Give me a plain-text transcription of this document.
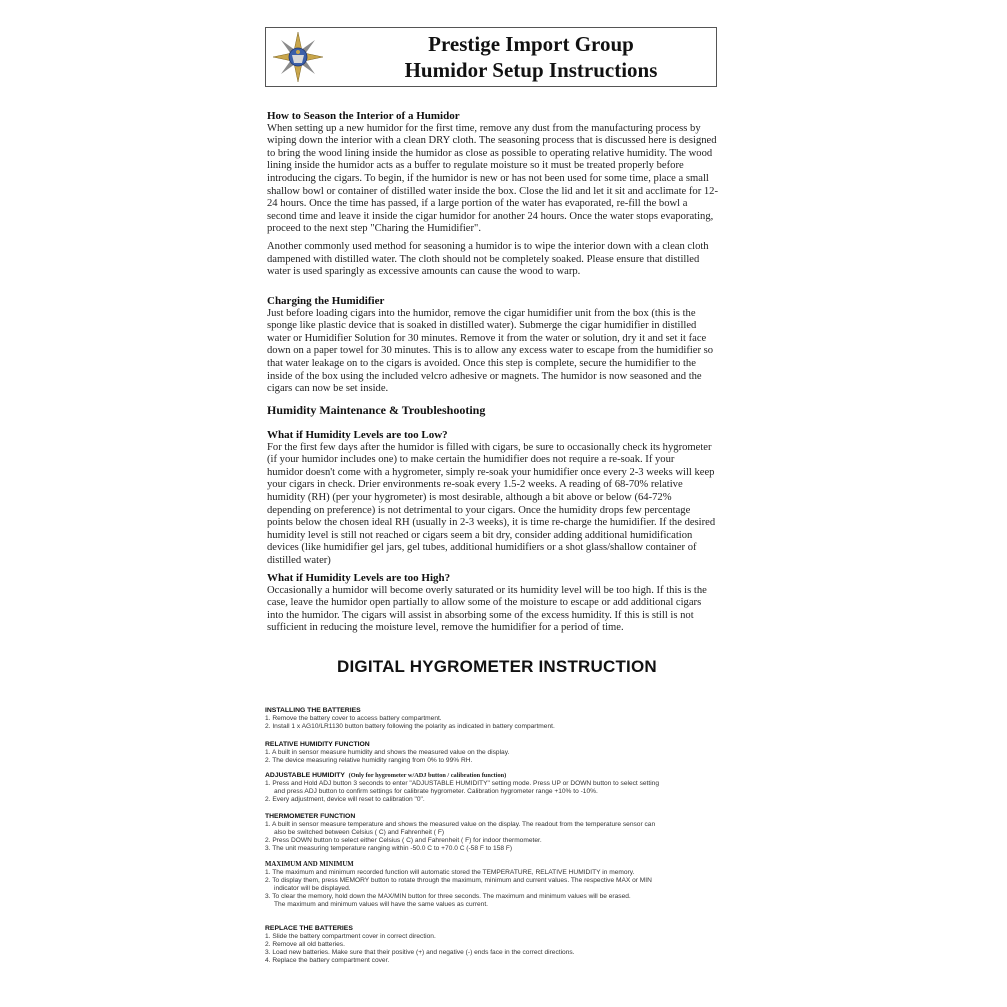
Prestige Import Group
Humidor Setup Instructions

How to Season the Interior of a Humidor

When setting up a new humidor for the first time, remove any dust from the manufacturing process by

wiping down the interior with a clean DRY cloth. The seasoning process that is discussed here is designed

to bring the wood lining inside the humidor as close as possible to operating relative humidity. The wood

lining inside the humidor acts as a buffer to regulate moisture so it must be treated properly before

introducing the cigars. To begin, if the humidor is new or has not been used for some time, place a small

shallow bowl or container of distilled water inside the box. Close the lid and let it sit and acclimate for 12-

24 hours. Once the time has passed, if a large portion of the water has evaporated, re-fill the bowl a

second time and leave it inside the cigar humidor for another 24 hours. Once the water stops evaporating,

proceed to the next step "Charing the Humidifier".

Another commonly used method for seasoning a humidor is to wipe the interior down with a clean cloth

dampened with distilled water. The cloth should not be completely soaked. Please ensure that distilled

water is used sparingly as excessive amounts can cause the wood to warp.

Charging the Humidifier

Just before loading cigars into the humidor, remove the cigar humidifier unit from the box (this is the

sponge like plastic device that is soaked in distilled water). Submerge the cigar humidifier in distilled

water or Humidifier Solution for 30 minutes. Remove it from the water or solution, dry it and set it face

down on a paper towel for 30 minutes. This is to allow any excess water to escape from the humidifier so

that water leakage on to the cigars is avoided. Once this step is complete, secure the humidifier to the

inside of the box using the included velcro adhesive or magnets. The humidor is now seasoned and the

cigars can now be set inside.

Humidity Maintenance & Troubleshooting

What if Humidity Levels are too Low?

For the first few days after the humidor is filled with cigars, be sure to occasionally check its hygrometer

(if your humidor includes one) to make certain the humidifier does not require a re-soak. If your

humidor doesn't come with a hygrometer, simply re-soak your humidifier once every 2-3 weeks will keep

your cigars in check. Drier environments re-soak every 1.5-2 weeks. A reading of 68-70% relative

humidity (RH) (per your hygrometer) is most desirable, although a bit above or below (64-72%

depending on preference) is not detrimental to your cigars. Once the humidity drops few percentage

points below the chosen ideal RH (usually in 2-3 weeks), it is time re-charge the humidifier. If the desired

humidity level is still not reached or cigars seem a bit dry, consider adding additional humidification

devices (like humidifier gel jars, gel tubes, additional humidifiers or a shot glass/shallow container of

distilled water)

What if Humidity Levels are too High?

Occasionally a humidor will become overly saturated or its humidity level will be too high. If this is the

case, leave the humidor open partially to allow some of the moisture to escape or add additional cigars

into the humidor. The cigars will assist in absorbing some of the excess humidity. If this is still is not

sufficient in reducing the moisture level, remove the humidifier for a period of time.

DIGITAL HYGROMETER INSTRUCTION
INSTALLING THE BATTERIES
1. Remove the battery cover to access battery compartment.
2. Install 1 x AG10/LR1130 button battery following the polarity as indicated in battery compartment.
RELATIVE HUMIDITY FUNCTION
1. A built in sensor measure humidity and shows the measured value on the display.
2. The device measuring relative humidity ranging from 0% to 99% RH.
ADJUSTABLE HUMIDITY (Only for hygrometer w/ADJ button / calibration function)
1. Press and Hold ADJ button 3 seconds to enter "ADJUSTABLE HUMIDITY" setting mode. Press UP or DOWN button to select setting
and press ADJ button to confirm settings for calibrate hygrometer. Calibration hygrometer range +10% to -10%.
2. Every adjustment, device will reset to calibration "0".
THERMOMETER FUNCTION
1. A built in sensor measure temperature and shows the measured value on the display. The readout from the temperature sensor can
also be switched between Celsius ( C) and Fahrenheit ( F)
2. Press DOWN button to select either Celsius ( C) and Fahrenheit ( F) for indoor thermometer.
3. The unit measuring temperature ranging within -50.0 C to +70.0 C (-58 F to 158 F)
MAXIMUM AND MINIMUM
1. The maximum and minimum recorded function will automatic stored the TEMPERATURE, RELATIVE HUMIDITY in memory.
2. To display them, press MEMORY button to rotate through the maximum, minimum and current values. The respective MAX or MIN
indicator will be displayed.
3. To clear the memory, hold down the MAX/MIN button for three seconds. The maximum and minimum values will be erased.
The maximum and minimum values will have the same values as current.
REPLACE THE BATTERIES
1. Slide the battery compartment cover in correct direction.
2. Remove all old batteries.
3. Load new batteries. Make sure that their positive (+) and negative (-) ends face in the correct directions.
4. Replace the battery compartment cover.
